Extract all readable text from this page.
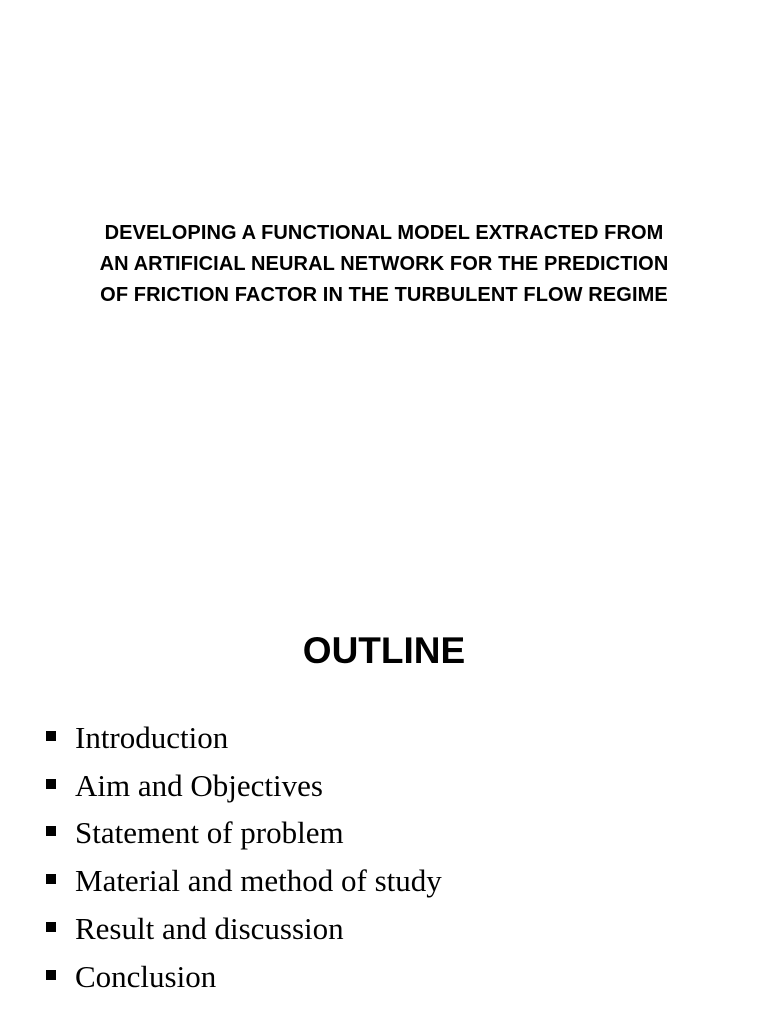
DEVELOPING A FUNCTIONAL MODEL EXTRACTED FROM
AN ARTIFICIAL NEURAL NETWORK FOR THE PREDICTION
OF FRICTION FACTOR IN THE TURBULENT FLOW REGIME
OUTLINE
Introduction
Aim and Objectives
Statement of problem
Material and method of study
Result and discussion
Conclusion
